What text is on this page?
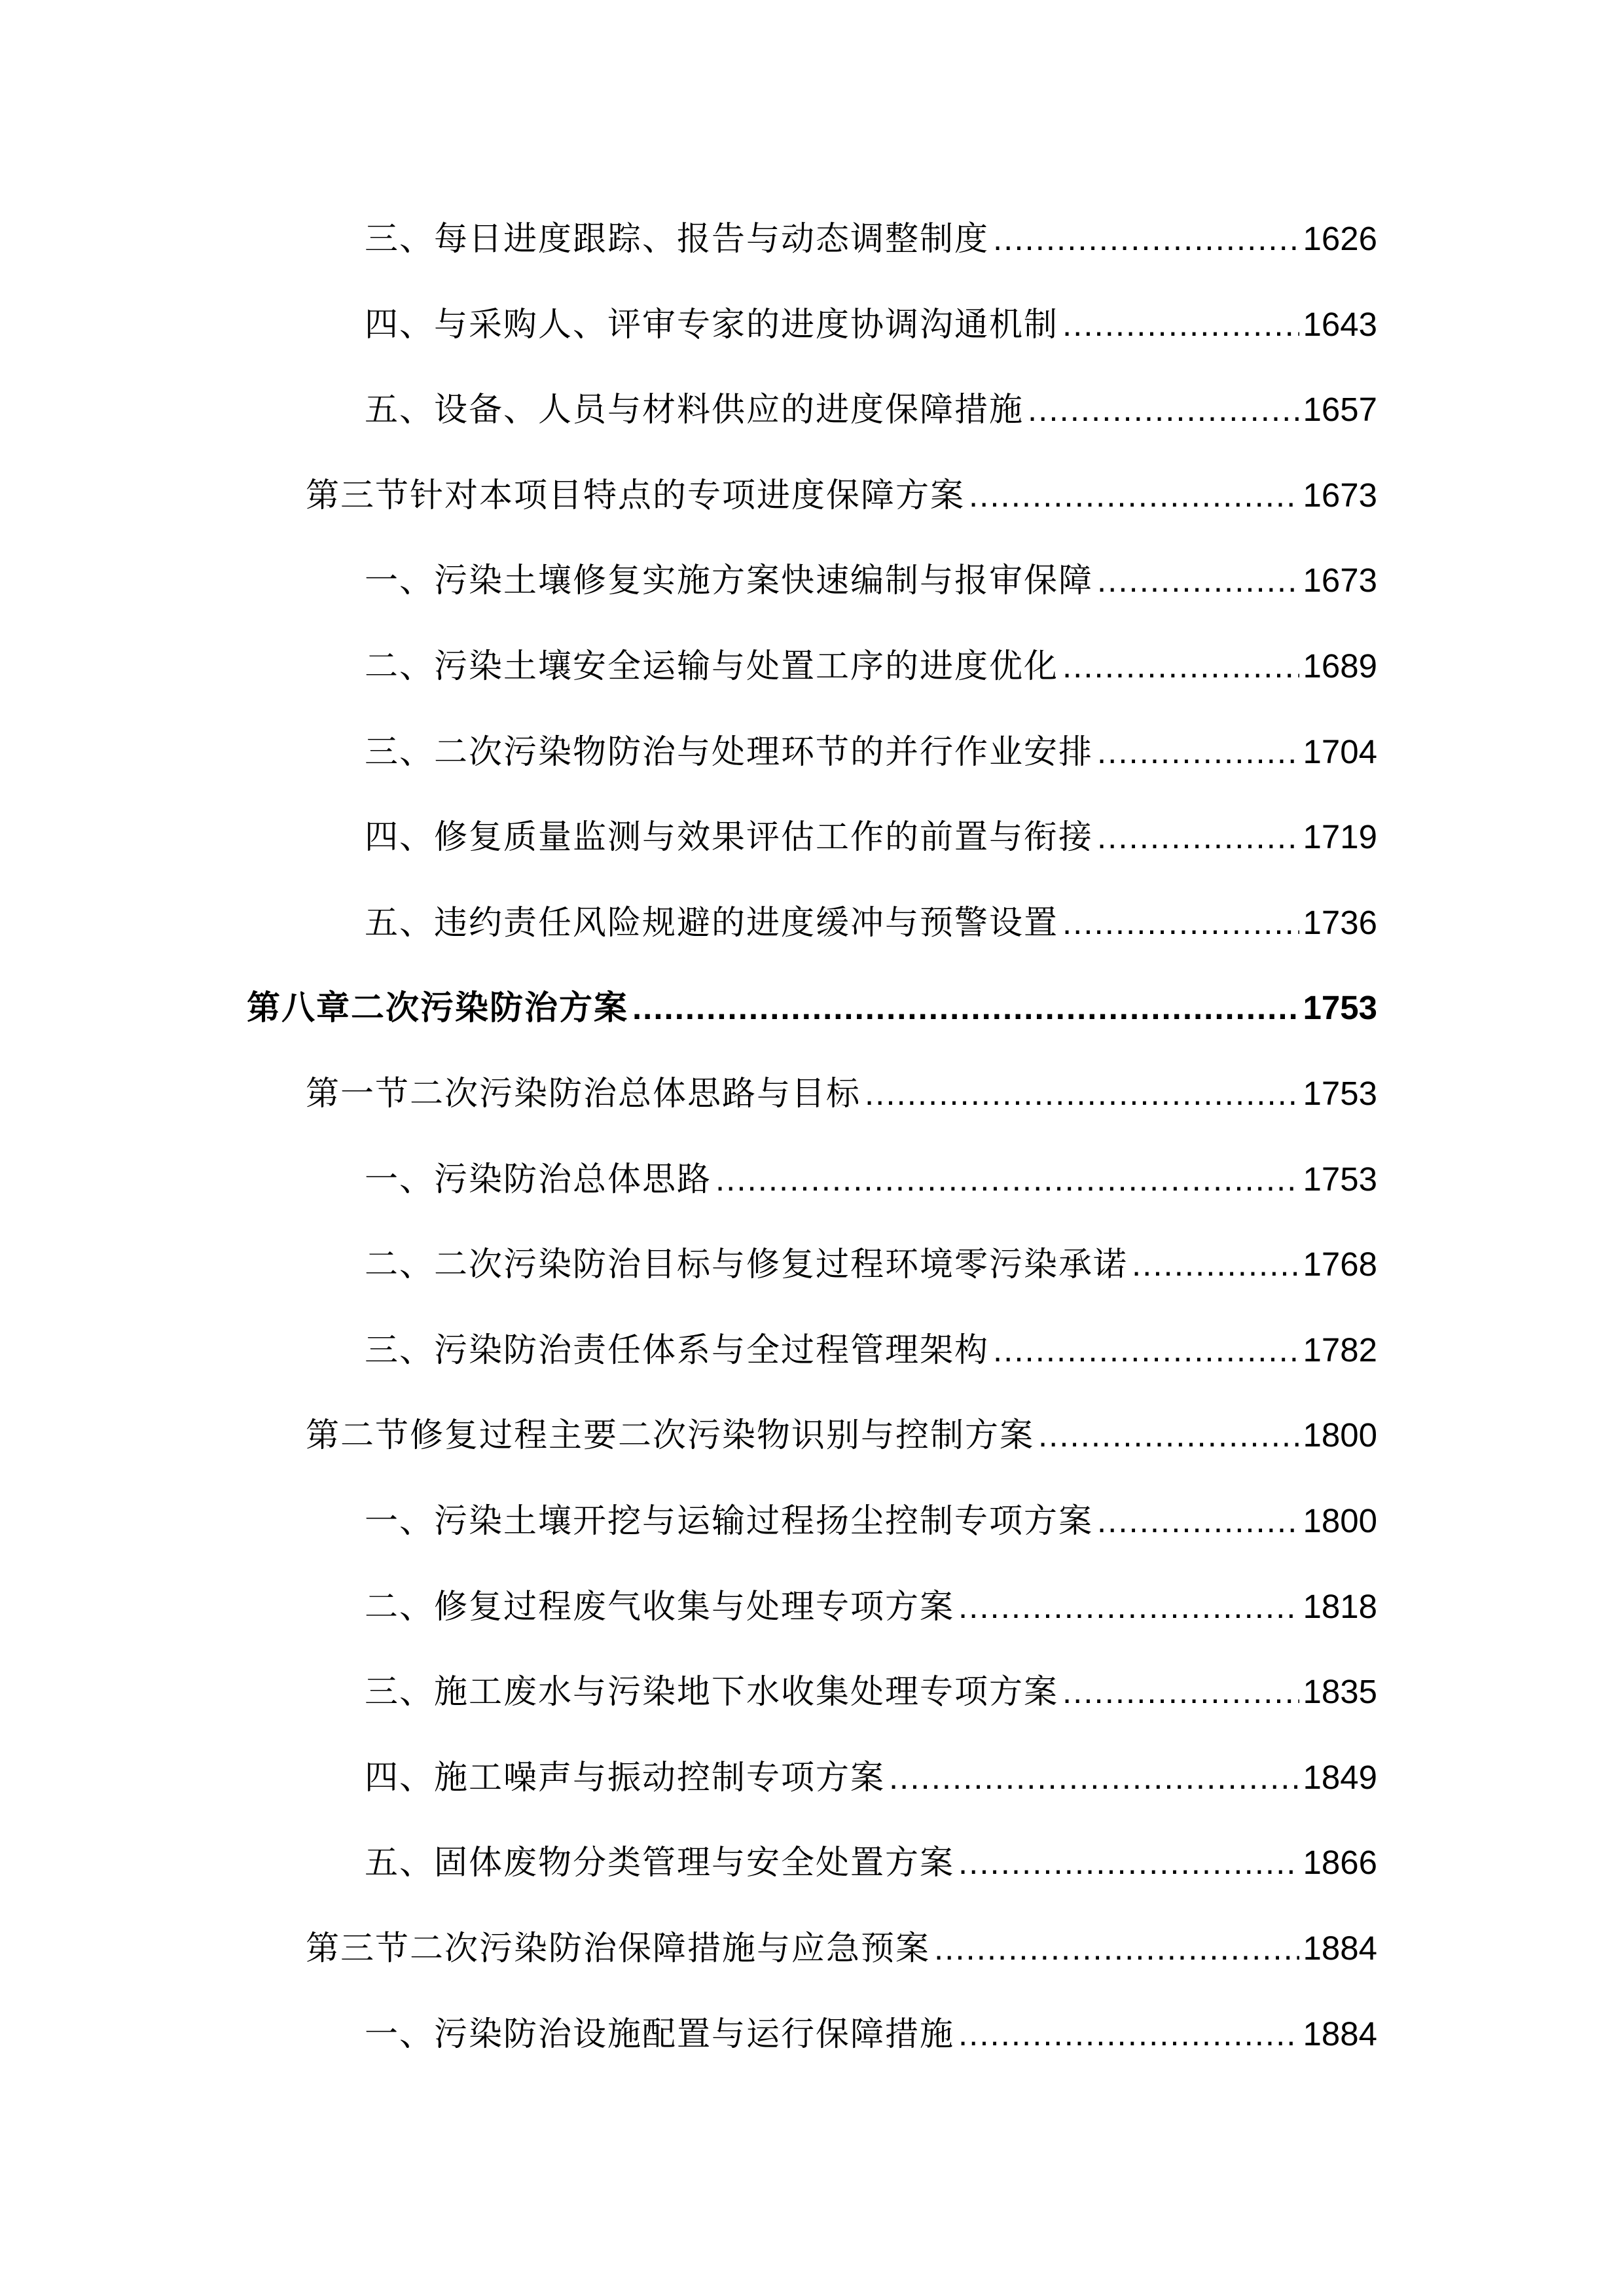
三、每日进度跟踪、报告与动态调整制度 .....	1626
四、与采购人、评审专家的进度协调沟通机制 .....	1643
五、设备、人员与材料供应的进度保障措施 .....	1657
第三节针对本项目特点的专项进度保障方案 .....	1673
一、污染土壤修复实施方案快速编制与报审保障 .....	1673
二、污染土壤安全运输与处置工序的进度优化 .....	1689
三、二次污染物防治与处理环节的并行作业安排 .....	1704
四、修复质量监测与效果评估工作的前置与衔接 .....	1719
五、违约责任风险规避的进度缓冲与预警设置 .....	1736
第八章二次污染防治方案 .....	1753
第一节二次污染防治总体思路与目标 .....	1753
一、污染防治总体思路 .....	1753
二、二次污染防治目标与修复过程环境零污染承诺 .....	1768
三、污染防治责任体系与全过程管理架构 .....	1782
第二节修复过程主要二次污染物识别与控制方案 .....	1800
一、污染土壤开挖与运输过程扬尘控制专项方案 .....	1800
二、修复过程废气收集与处理专项方案 .....	1818
三、施工废水与污染地下水收集处理专项方案 .....	1835
四、施工噪声与振动控制专项方案 .....	1849
五、固体废物分类管理与安全处置方案 .....	1866
第三节二次污染防治保障措施与应急预案 .....	1884
一、污染防治设施配置与运行保障措施 .....	1884
